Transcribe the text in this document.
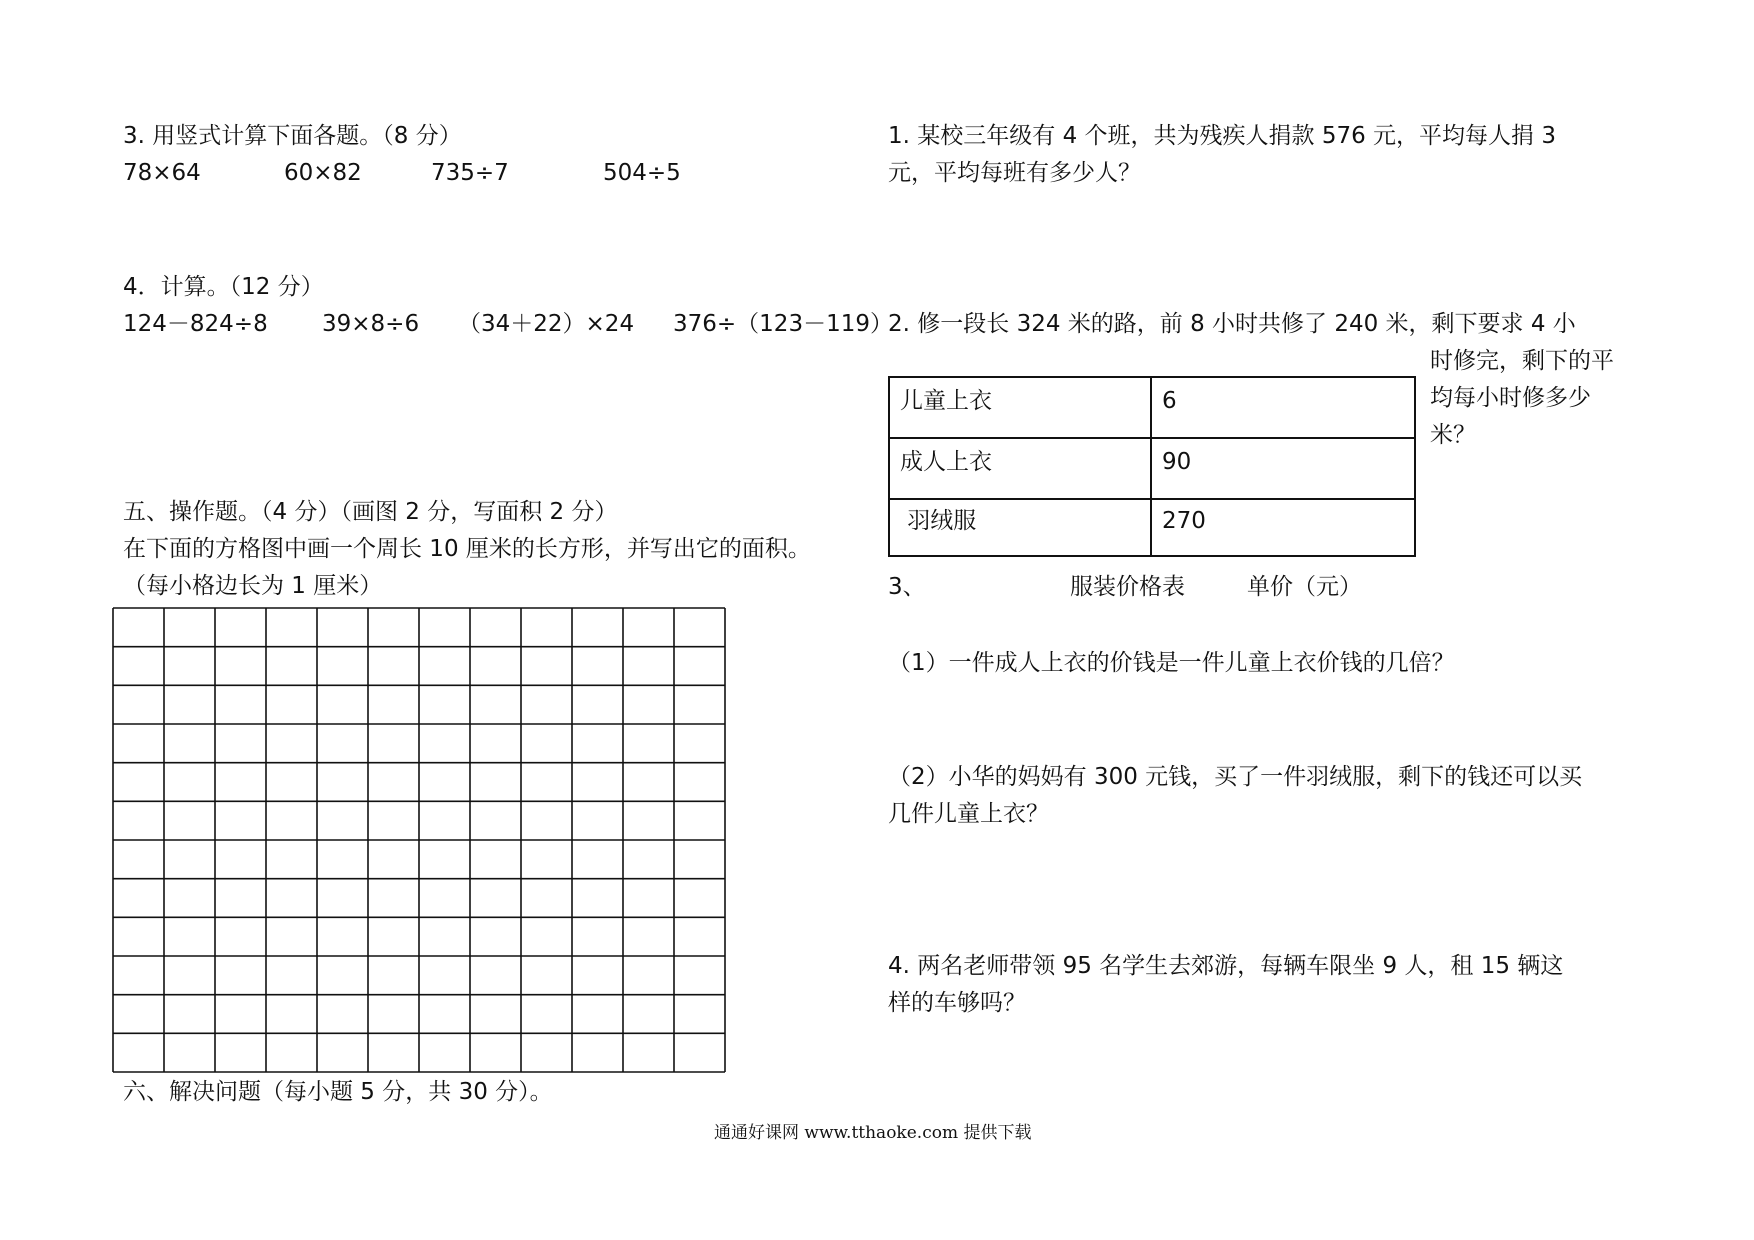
3. 用竖式计算下面各题。（8 分）
78×64	60×82	735÷7	504÷5
4．计算。（12 分）
124－824÷8 39×8÷6 （34＋22）×24 376÷（123－119）
五、操作题。（4 分）（画图 2 分，写面积 2 分）
在下面的方格图中画一个周长 10 厘米的长方形，并写出它的面积。
（每小格边长为 1 厘米）
六、解决问题（每小题 5 分，共 30 分）。
1. 某校三年级有 4 个班，共为残疾人捐款 576 元，平均每人捐 3
元，平均每班有多少人？
2. 修一段长 324 米的路，前 8 小时共修了 240 米，剩下要求 4 小
时修完，剩下的平
均每小时修多少
米？
儿童上衣	6
成人上衣	90
羽绒服	270
3、	服装价格表	单价（元）
（1）一件成人上衣的价钱是一件儿童上衣价钱的几倍？
（2）小华的妈妈有 300 元钱，买了一件羽绒服，剩下的钱还可以买
几件儿童上衣？
4. 两名老师带领 95 名学生去郊游，每辆车限坐 9 人，租 15 辆这
样的车够吗？
通通好课网 www.tthaoke.com 提供下载
